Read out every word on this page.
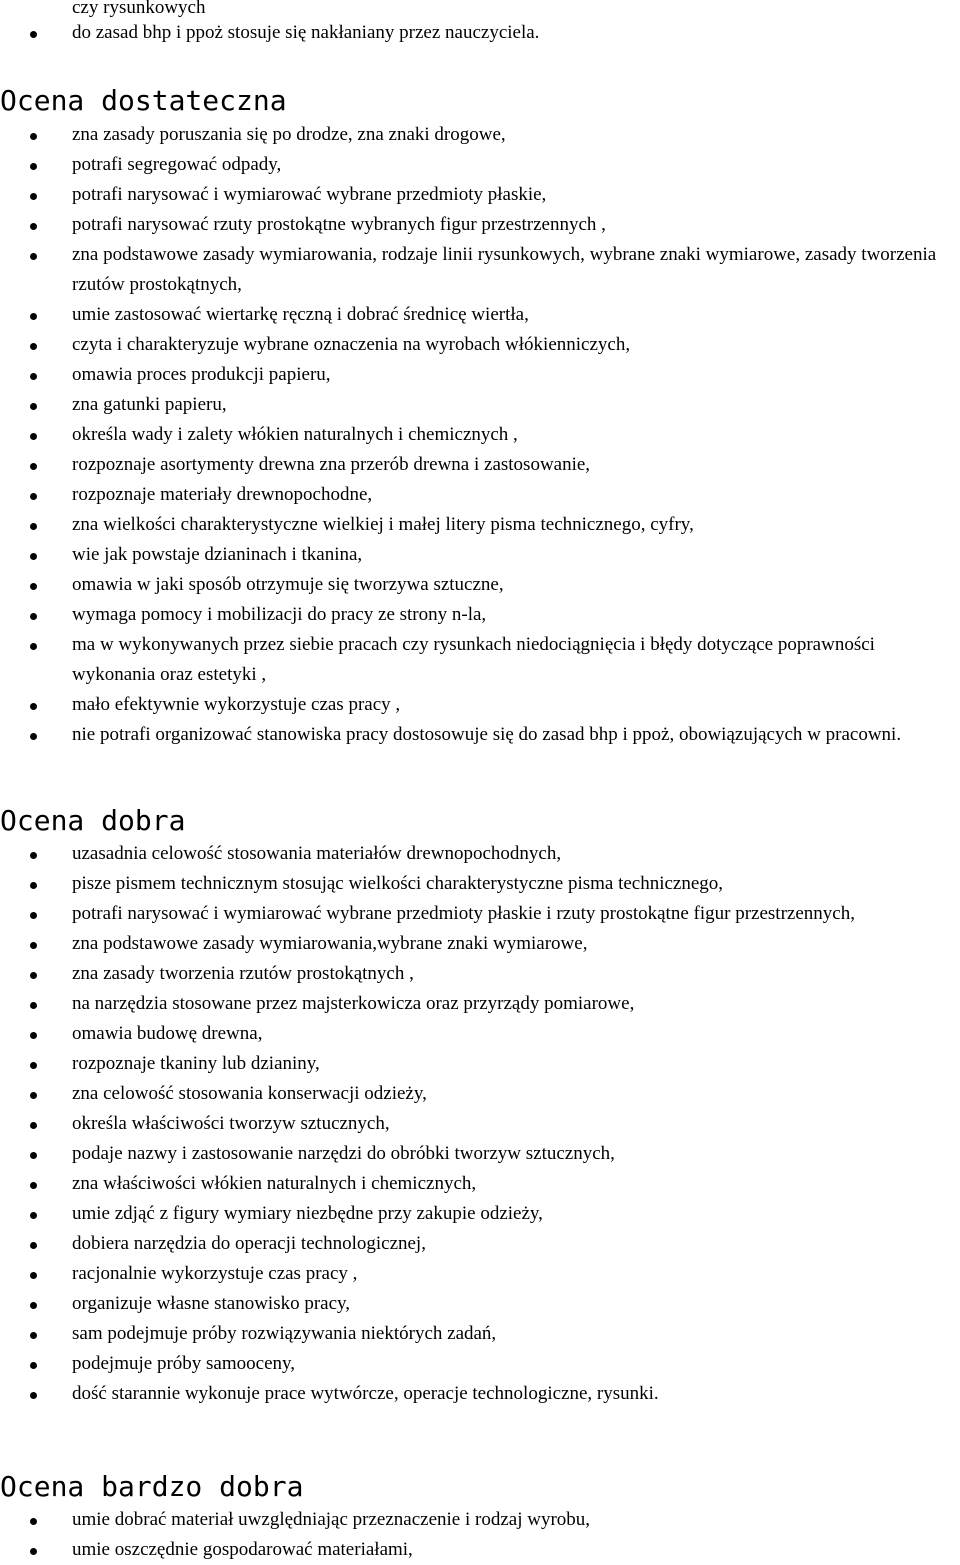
czy rysunkowych

do zasad bhp i ppoż stosuje się nakłaniany przez nauczyciela.
Ocena dostateczna
zna zasady poruszania się po drodze, zna znaki drogowe,
potrafi segregować odpady,
potrafi narysować i wymiarować wybrane przedmioty płaskie,
potrafi narysować rzuty prostokątne wybranych figur przestrzennych ,
zna podstawowe zasady wymiarowania, rodzaje linii rysunkowych, wybrane znaki wymiarowe, zasady tworzenia rzutów prostokątnych,
umie zastosować wiertarkę ręczną i dobrać średnicę wiertła,
czyta i charakteryzuje wybrane oznaczenia na wyrobach włókienniczych,
omawia proces produkcji papieru,
zna gatunki papieru,
określa wady i zalety włókien naturalnych i chemicznych ,
rozpoznaje asortymenty drewna zna przerób drewna i zastosowanie,
rozpoznaje materiały drewnopochodne,
zna wielkości charakterystyczne wielkiej i małej litery pisma technicznego, cyfry,
wie jak powstaje dzianinach i tkanina,
omawia w jaki sposób otrzymuje się tworzywa sztuczne,
wymaga pomocy i mobilizacji do pracy ze strony n-la,
ma w wykonywanych przez siebie pracach czy rysunkach niedociągnięcia i błędy dotyczące poprawności wykonania oraz estetyki ,
mało efektywnie wykorzystuje czas pracy ,
nie potrafi organizować stanowiska pracy dostosowuje się do zasad bhp i ppoż, obowiązujących w pracowni.
Ocena dobra
uzasadnia celowość stosowania materiałów drewnopochodnych,
pisze pismem technicznym stosując wielkości charakterystyczne pisma technicznego,
potrafi narysować i wymiarować wybrane przedmioty płaskie i rzuty prostokątne figur przestrzennych,
zna podstawowe zasady wymiarowania,wybrane znaki wymiarowe,
zna zasady tworzenia rzutów prostokątnych ,
na narzędzia stosowane przez majsterkowicza oraz przyrządy pomiarowe,
omawia budowę drewna,
rozpoznaje tkaniny lub dzianiny,
zna celowość stosowania konserwacji odzieży,
określa właściwości tworzyw sztucznych,
podaje nazwy i zastosowanie narzędzi do obróbki tworzyw sztucznych,
zna właściwości włókien naturalnych i chemicznych,
umie zdjąć z figury wymiary niezbędne przy zakupie odzieży,
dobiera narzędzia do operacji technologicznej,
racjonalnie wykorzystuje czas pracy ,
organizuje własne stanowisko pracy,
sam podejmuje próby rozwiązywania niektórych zadań,
podejmuje próby samooceny,
dość starannie wykonuje prace wytwórcze, operacje technologiczne, rysunki.
Ocena bardzo dobra
umie dobrać materiał uwzględniając przeznaczenie i rodzaj wyrobu,
umie oszczędnie gospodarować materiałami,
